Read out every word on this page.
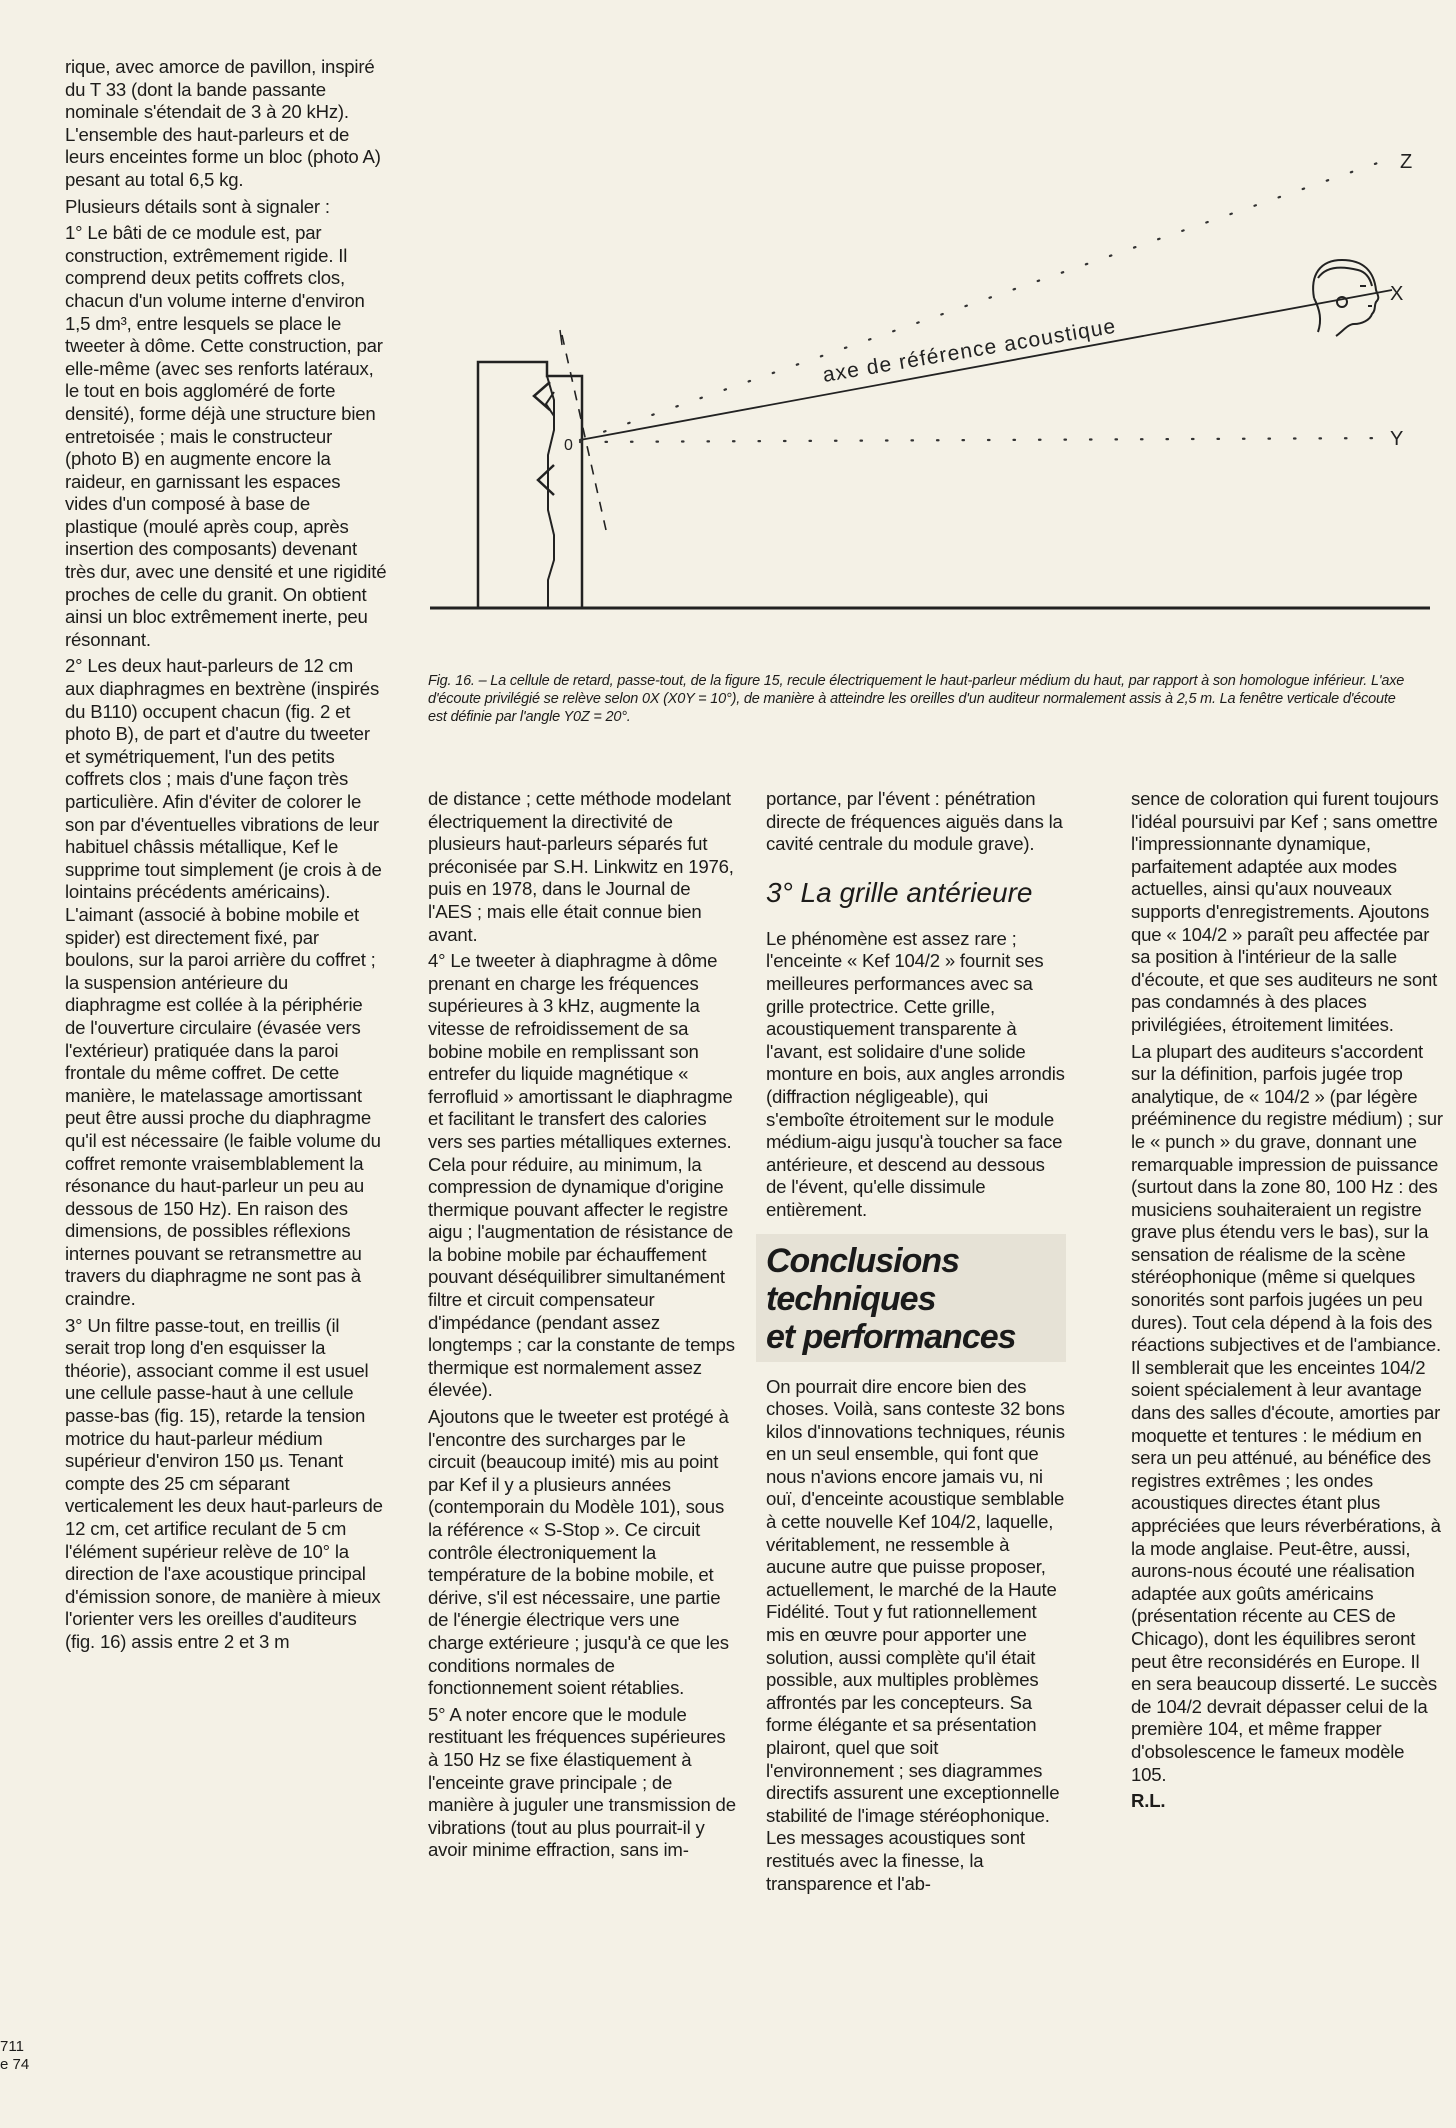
0
Z
X
Y
axe de référence acoustique
Fig. 16. – La cellule de retard, passe-tout, de la figure 15, recule électriquement le haut-parleur médium du haut, par rapport à son homologue inférieur. L'axe d'écoute privilégié se relève selon 0X (X0Y = 10°), de manière à atteindre les oreilles d'un auditeur normalement assis à 2,5 m. La fenêtre verticale d'écoute est définie par l'angle Y0Z = 20°.

rique, avec amorce de pavillon, inspiré du T 33 (dont la bande passante nominale s'étendait de 3 à 20 kHz). L'ensemble des haut-parleurs et de leurs enceintes forme un bloc (photo A) pesant au total 6,5 kg.

Plusieurs détails sont à signaler :

1° Le bâti de ce module est, par construction, extrêmement rigide. Il comprend deux petits coffrets clos, chacun d'un volume interne d'environ 1,5 dm³, entre lesquels se place le tweeter à dôme. Cette construction, par elle-même (avec ses renforts latéraux, le tout en bois aggloméré de forte densité), forme déjà une structure bien entretoisée ; mais le constructeur (photo B) en augmente encore la raideur, en garnissant les espaces vides d'un composé à base de plastique (moulé après coup, après insertion des composants) devenant très dur, avec une densité et une rigidité proches de celle du granit. On obtient ainsi un bloc extrêmement inerte, peu résonnant.

2° Les deux haut-parleurs de 12 cm aux diaphragmes en bextrène (inspirés du B110) occupent chacun (fig. 2 et photo B), de part et d'autre du tweeter et symétriquement, l'un des petits coffrets clos ; mais d'une façon très particulière. Afin d'éviter de colorer le son par d'éventuelles vibrations de leur habituel châssis métallique, Kef le supprime tout simplement (je crois à de lointains précédents américains). L'aimant (associé à bobine mobile et spider) est directement fixé, par boulons, sur la paroi arrière du coffret ; la suspension antérieure du diaphragme est collée à la périphérie de l'ouverture circulaire (évasée vers l'extérieur) pratiquée dans la paroi frontale du même coffret. De cette manière, le matelassage amortissant peut être aussi proche du diaphragme qu'il est nécessaire (le faible volume du coffret remonte vraisemblablement la résonance du haut-parleur un peu au dessous de 150 Hz). En raison des dimensions, de possibles réflexions internes pouvant se retransmettre au travers du diaphragme ne sont pas à craindre.

3° Un filtre passe-tout, en treillis (il serait trop long d'en esquisser la théorie), associant comme il est usuel une cellule passe-haut à une cellule passe-bas (fig. 15), retarde la tension motrice du haut-parleur médium supérieur d'environ 150 µs. Tenant compte des 25 cm séparant verticalement les deux haut-parleurs de 12 cm, cet artifice reculant de 5 cm l'élément supérieur relève de 10° la direction de l'axe acoustique principal d'émission sonore, de manière à mieux l'orienter vers les oreilles d'auditeurs (fig. 16) assis entre 2 et 3 m

de distance ; cette méthode modelant électriquement la directivité de plusieurs haut-parleurs séparés fut préconisée par S.H. Linkwitz en 1976, puis en 1978, dans le Journal de l'AES ; mais elle était connue bien avant.

4° Le tweeter à diaphragme à dôme prenant en charge les fréquences supérieures à 3 kHz, augmente la vitesse de refroidissement de sa bobine mobile en remplissant son entrefer du liquide magnétique « ferrofluid » amortissant le diaphragme et facilitant le transfert des calories vers ses parties métalliques externes. Cela pour réduire, au minimum, la compression de dynamique d'origine thermique pouvant affecter le registre aigu ; l'augmentation de résistance de la bobine mobile par échauffement pouvant déséquilibrer simultanément filtre et circuit compensateur d'impédance (pendant assez longtemps ; car la constante de temps thermique est normalement assez élevée).

Ajoutons que le tweeter est protégé à l'encontre des surcharges par le circuit (beaucoup imité) mis au point par Kef il y a plusieurs années (contemporain du Modèle 101), sous la référence « S-Stop ». Ce circuit contrôle électroniquement la température de la bobine mobile, et dérive, s'il est nécessaire, une partie de l'énergie électrique vers une charge extérieure ; jusqu'à ce que les conditions normales de fonctionnement soient rétablies.

5° A noter encore que le module restituant les fréquences supérieures à 150 Hz se fixe élastiquement à l'enceinte grave principale ; de manière à juguler une transmission de vibrations (tout au plus pourrait-il y avoir minime effraction, sans im-

portance, par l'évent : pénétration directe de fréquences aiguës dans la cavité centrale du module grave).

3° La grille antérieure

Le phénomène est assez rare ; l'enceinte « Kef 104/2 » fournit ses meilleures performances avec sa grille protectrice. Cette grille, acoustiquement transparente à l'avant, est solidaire d'une solide monture en bois, aux angles arrondis (diffraction négligeable), qui s'emboîte étroitement sur le module médium-aigu jusqu'à toucher sa face antérieure, et descend au dessous de l'évent, qu'elle dissimule entièrement.

Conclusions
techniques
et performances

On pourrait dire encore bien des choses. Voilà, sans conteste 32 bons kilos d'innovations techniques, réunis en un seul ensemble, qui font que nous n'avions encore jamais vu, ni ouï, d'enceinte acoustique semblable à cette nouvelle Kef 104/2, laquelle, véritablement, ne ressemble à aucune autre que puisse proposer, actuellement, le marché de la Haute Fidélité. Tout y fut rationnellement mis en œuvre pour apporter une solution, aussi complète qu'il était possible, aux multiples problèmes affrontés par les concepteurs. Sa forme élégante et sa présentation plairont, quel que soit l'environnement ; ses diagrammes directifs assurent une exceptionnelle stabilité de l'image stéréophonique. Les messages acoustiques sont restitués avec la finesse, la transparence et l'ab-

sence de coloration qui furent toujours l'idéal poursuivi par Kef ; sans omettre l'impressionnante dynamique, parfaitement adaptée aux modes actuelles, ainsi qu'aux nouveaux supports d'enregistrements. Ajoutons que « 104/2 » paraît peu affectée par sa position à l'intérieur de la salle d'écoute, et que ses auditeurs ne sont pas condamnés à des places privilégiées, étroitement limitées.

La plupart des auditeurs s'accordent sur la définition, parfois jugée trop analytique, de « 104/2 » (par légère prééminence du registre médium) ; sur le « punch » du grave, donnant une remarquable impression de puissance (surtout dans la zone 80, 100 Hz : des musiciens souhaiteraient un registre grave plus étendu vers le bas), sur la sensation de réalisme de la scène stéréophonique (même si quelques sonorités sont parfois jugées un peu dures). Tout cela dépend à la fois des réactions subjectives et de l'ambiance. Il semblerait que les enceintes 104/2 soient spécialement à leur avantage dans des salles d'écoute, amorties par moquette et tentures : le médium en sera un peu atténué, au bénéfice des registres extrêmes ; les ondes acoustiques directes étant plus appréciées que leurs réverbérations, à la mode anglaise. Peut-être, aussi, aurons-nous écouté une réalisation adaptée aux goûts américains (présentation récente au CES de Chicago), dont les équilibres seront peut être reconsidérés en Europe. Il en sera beaucoup disserté. Le succès de 104/2 devrait dépasser celui de la première 104, et même frapper d'obsolescence le fameux modèle 105.

R.L.

711
e 74
